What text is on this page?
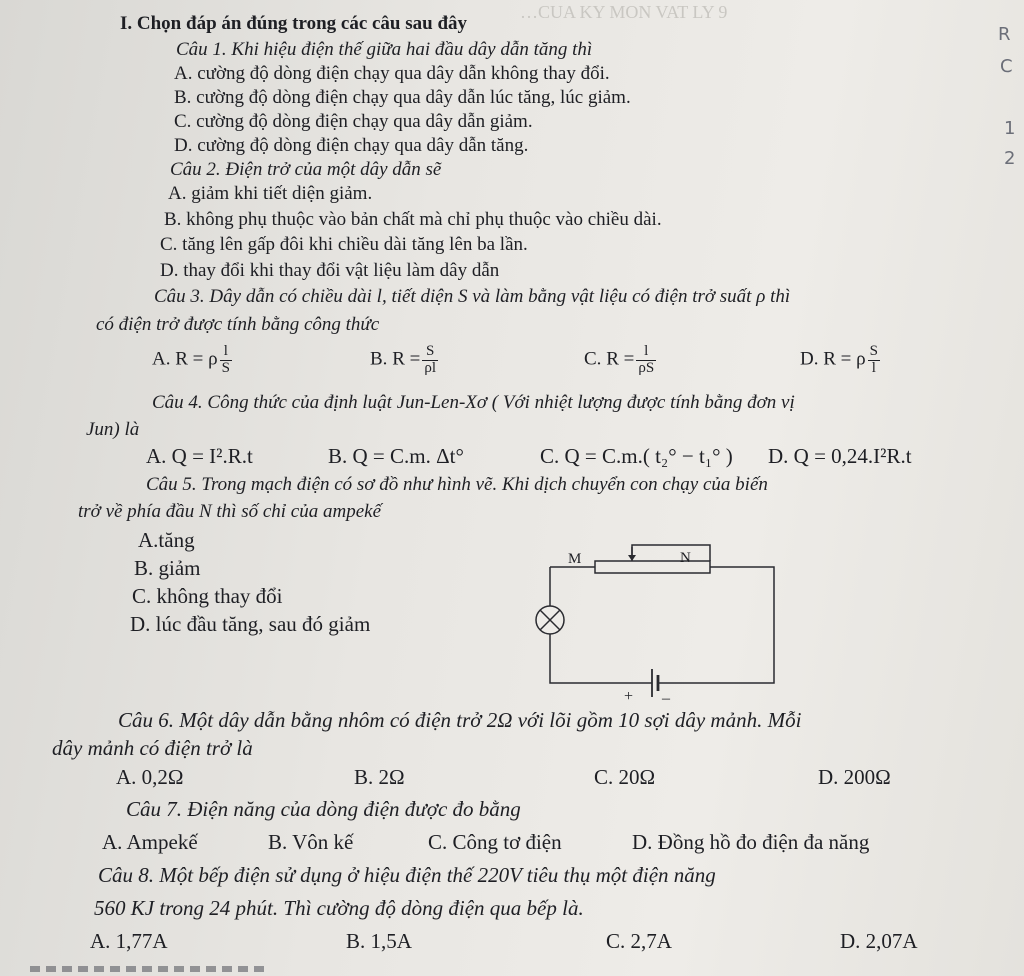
…CUA KY MON VAT LY 9
I. Chọn đáp án đúng trong các câu sau đây
Câu 1. Khi hiệu điện thế giữa hai đầu dây dẫn tăng thì
A. cường độ dòng điện chạy qua dây dẫn không thay đổi.
B. cường độ dòng điện chạy qua dây dẫn lúc tăng, lúc giảm.
C. cường độ dòng điện chạy qua dây dẫn giảm.
D. cường độ dòng điện chạy qua dây dẫn tăng.
Câu 2. Điện trở của một dây dẫn sẽ
A. giảm khi tiết diện giảm.
B. không phụ thuộc vào bản chất mà chỉ phụ thuộc vào chiều dài.
C. tăng lên gấp đôi khi chiều dài tăng lên ba lần.
D. thay đổi khi thay đổi vật liệu làm dây dẫn
Câu 3. Dây dẫn có chiều dài l, tiết diện S và làm bằng vật liệu có điện trở suất ρ thì
có điện trở được tính bằng công thức
A. R = ρ $\frac{l}{S}$	B. $R = \frac{S}{\rho l}$	C. $R = \frac{l}{\rho S}$	D. R = ρ $\frac{S}{l}$
Câu 4. Công thức của định luật Jun-Len-Xơ ( Với nhiệt lượng được tính bằng đơn vị
Jun) là
A. Q = I².R.t	B. Q = C.m. Δt°	C. Q = C.m.( t₂° − t₁° ) D. Q = 0,24.I²R.t
Câu 5. Trong mạch điện có sơ đồ như hình vẽ. Khi dịch chuyển con chạy của biến
trở về phía đầu N thì số chỉ của ampekế
A.tăng
B. giảm
C. không thay đổi
D. lúc đầu tăng, sau đó giảm
M	N
+ –
Câu 6. Một dây dẫn bằng nhôm có điện trở 2Ω với lõi gồm 10 sợi dây mảnh. Mỗi
dây mảnh có điện trở là
A. 0,2Ω	B. 2Ω	C. 20Ω	D. 200Ω
Câu 7. Điện năng của dòng điện được đo bằng
A. Ampekế	B. Vôn kế	C. Công tơ điện	D. Đồng hồ đo điện đa năng
Câu 8. Một bếp điện sử dụng ở hiệu điện thế 220V tiêu thụ một điện năng
560 KJ trong 24 phút. Thì cường độ dòng điện qua bếp là.
A. 1,77A	B. 1,5A	C. 2,7A	D. 2,07A
R
C
1
2
